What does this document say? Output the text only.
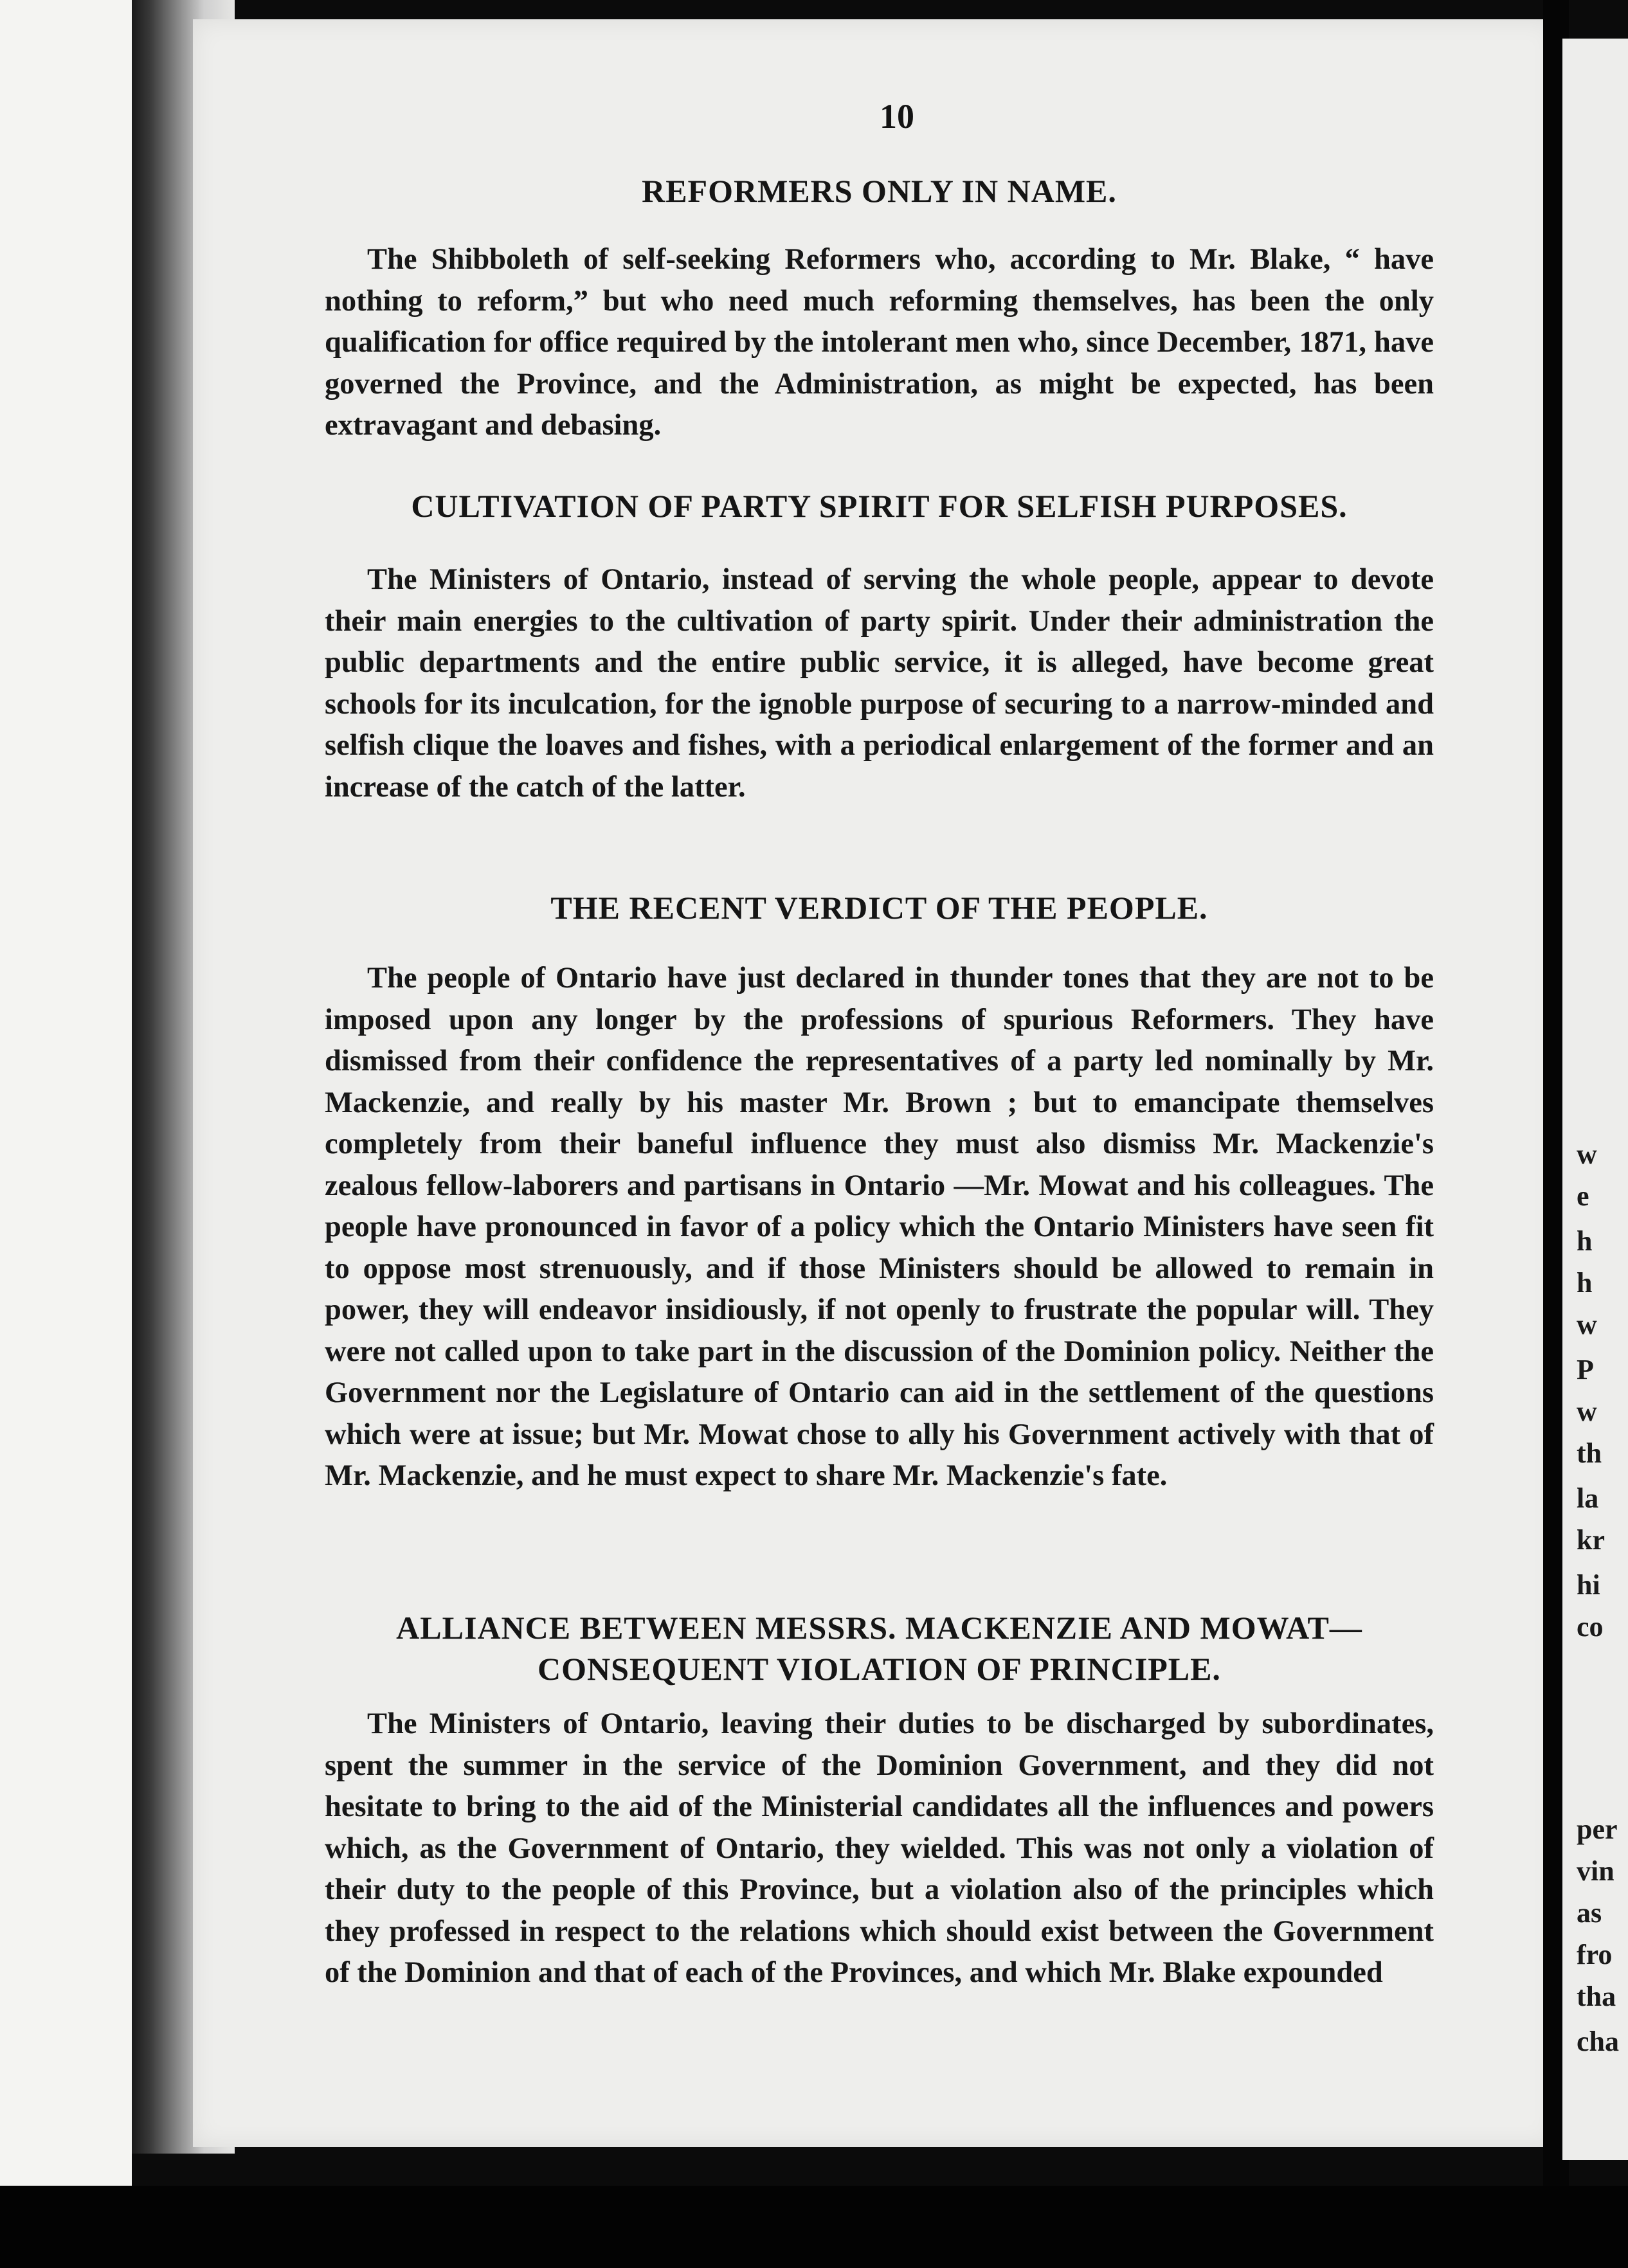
w
e
h
h
w
P
w
th
la
kr
hi
co
per
vin
as
fro
tha
cha
10
REFORMERS ONLY IN NAME.

The Shibboleth of self-seeking Reformers who, according to Mr. Blake, “ have nothing to reform,” but who need much reforming themselves, has been the only qualification for office required by the intolerant men who, since December, 1871, have governed the Province, and the Administration, as might be expected, has been extravagant and debasing.

CULTIVATION OF PARTY SPIRIT FOR SELFISH PURPOSES.

The Ministers of Ontario, instead of serving the whole people, appear to devote their main energies to the cultivation of party spirit. Under their administration the public departments and the entire public service, it is alleged, have become great schools for its inculcation, for the ignoble purpose of securing to a narrow-minded and selfish clique the loaves and fishes, with a periodical enlargement of the former and an increase of the catch of the latter.

THE RECENT VERDICT OF THE PEOPLE.

The people of Ontario have just declared in thunder tones that they are not to be imposed upon any longer by the professions of spurious Reformers. They have dismissed from their confidence the representatives of a party led nominally by Mr. Mackenzie, and really by his master Mr. Brown ; but to emancipate themselves completely from their baneful influence they must also dismiss Mr. Mackenzie's zealous fellow-laborers and partisans in Ontario —Mr. Mowat and his colleagues. The people have pronounced in favor of a policy which the Ontario Ministers have seen fit to oppose most strenuously, and if those Ministers should be allowed to remain in power, they will endeavor insidiously, if not openly to frustrate the popular will. They were not called upon to take part in the discussion of the Dominion policy. Neither the Government nor the Legislature of Ontario can aid in the settlement of the questions which were at issue; but Mr. Mowat chose to ally his Government actively with that of Mr. Mackenzie, and he must expect to share Mr. Mackenzie's fate.

ALLIANCE BETWEEN MESSRS. MACKENZIE AND MOWAT—
CONSEQUENT VIOLATION OF PRINCIPLE.

The Ministers of Ontario, leaving their duties to be discharged by subordinates, spent the summer in the service of the Dominion Government, and they did not hesitate to bring to the aid of the Ministerial candidates all the influences and powers which, as the Government of Ontario, they wielded. This was not only a violation of their duty to the people of this Province, but a violation also of the principles which they professed in respect to the relations which should exist between the Government of the Dominion and that of each of the Provinces, and which Mr. Blake expounded
